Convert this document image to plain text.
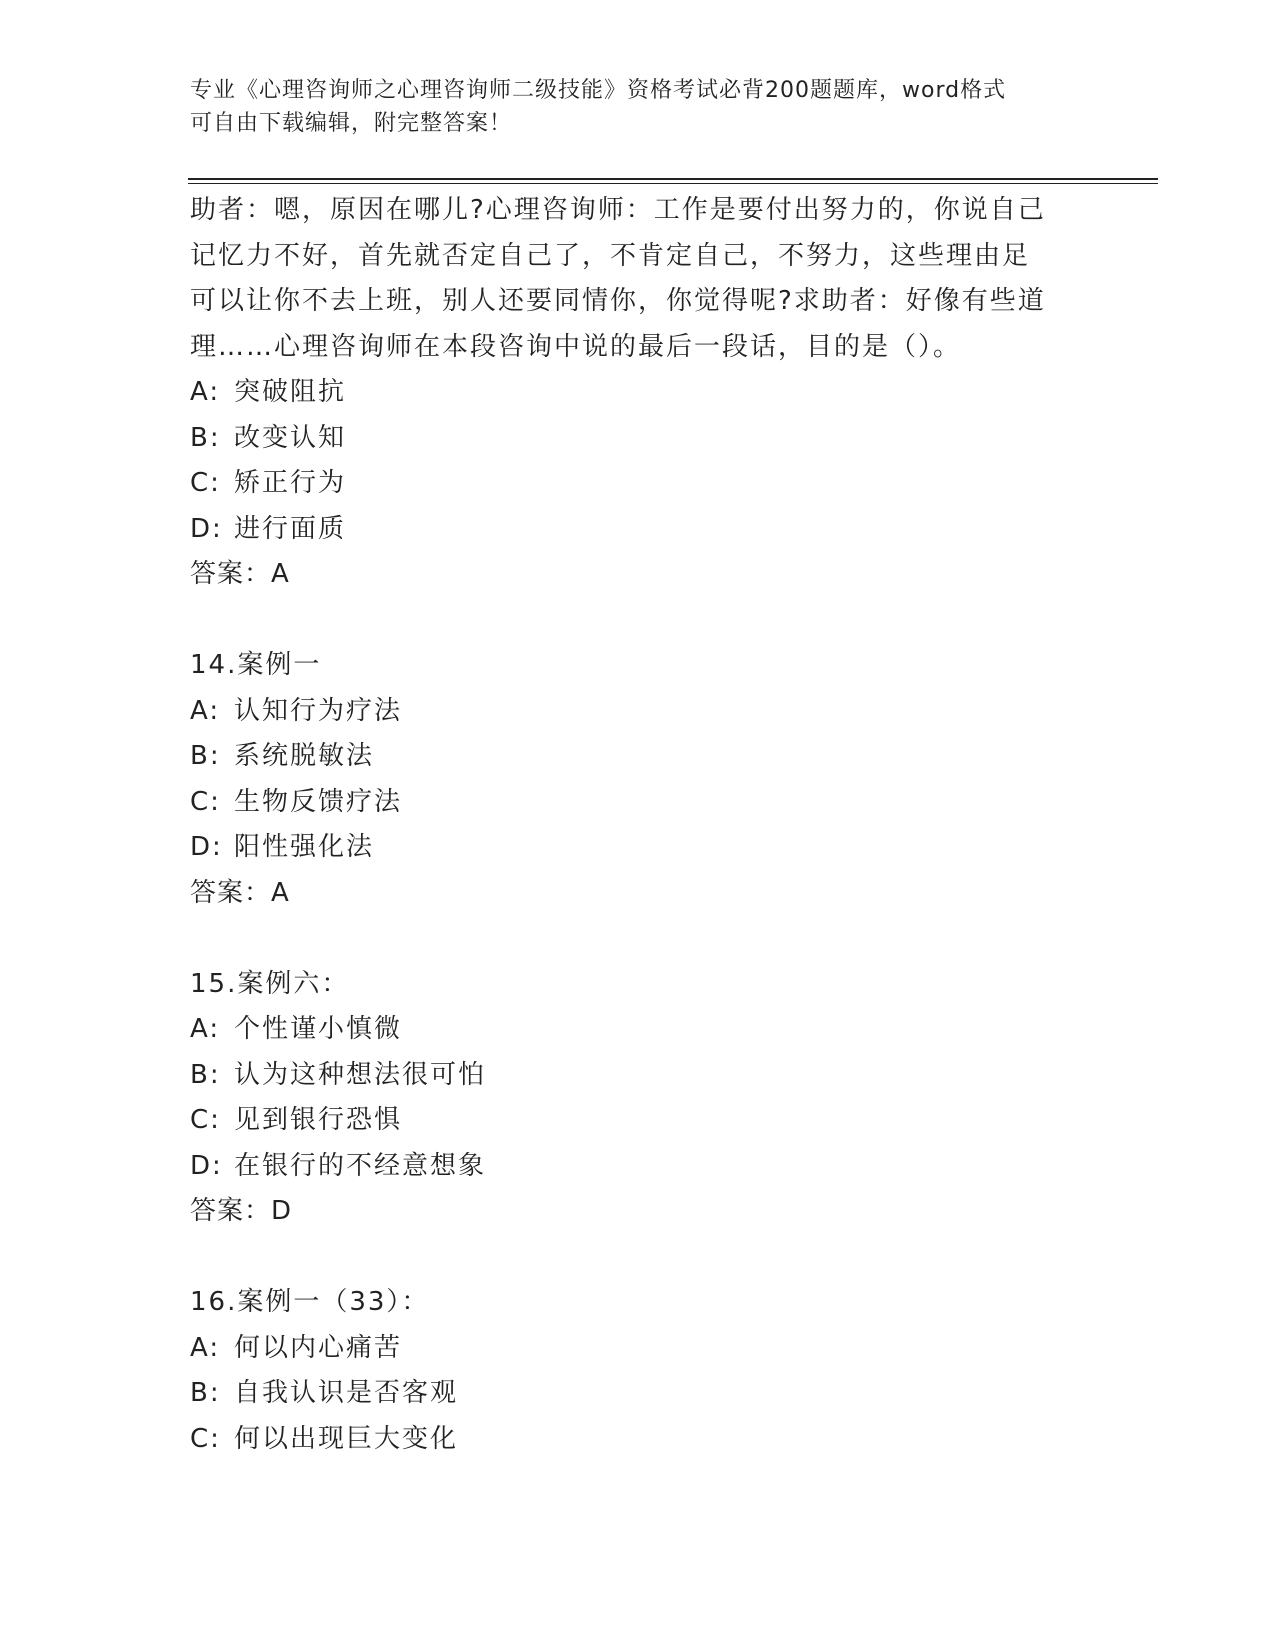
专业《心理咨询师之心理咨询师二级技能》资格考试必背200题题库，word格式
可自由下载编辑，附完整答案！
助者：嗯，原因在哪儿?心理咨询师：工作是要付出努力的，你说自己
记忆力不好，首先就否定自己了，不肯定自己，不努力，这些理由足
可以让你不去上班，别人还要同情你，你觉得呢?求助者：好像有些道
理……心理咨询师在本段咨询中说的最后一段话，目的是（）。
A: 突破阻抗
B: 改变认知
C: 矫正行为
D: 进行面质
答案：A
14.案例一
A: 认知行为疗法
B: 系统脱敏法
C: 生物反馈疗法
D: 阳性强化法
答案：A
15.案例六：
A: 个性谨小慎微
B: 认为这种想法很可怕
C: 见到银行恐惧
D: 在银行的不经意想象
答案：D
16.案例一（33）：
A: 何以内心痛苦
B: 自我认识是否客观
C: 何以出现巨大变化
